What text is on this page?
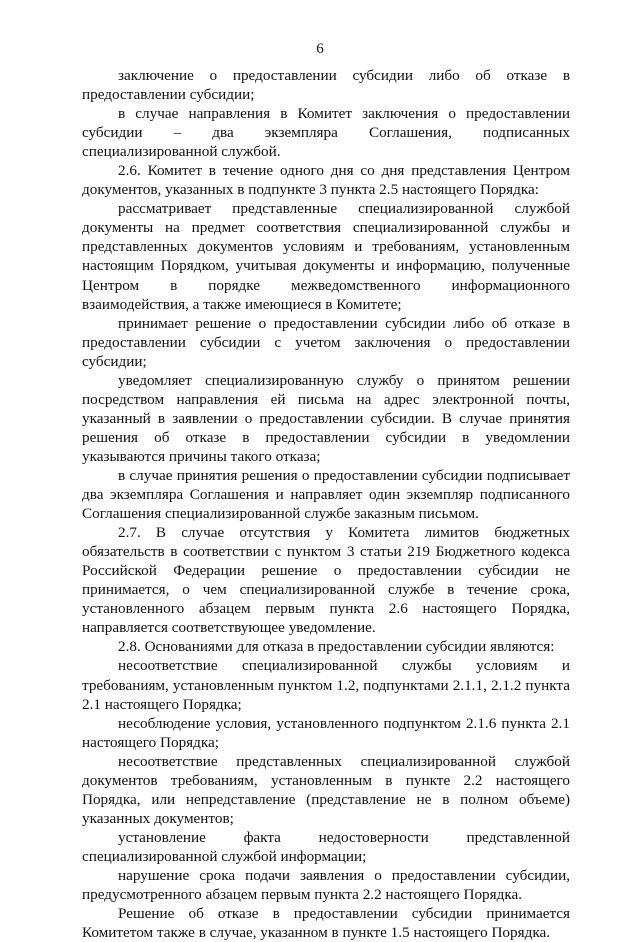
6

заключение о предоставлении субсидии либо об отказе в предоставлении субсидии;

в случае направления в Комитет заключения о предоставлении субсидии – два экземпляра Соглашения, подписанных специализированной службой.

2.6. Комитет в течение одного дня со дня представления Центром документов, указанных в подпункте 3 пункта 2.5 настоящего Порядка:

рассматривает представленные специализированной службой документы на предмет соответствия специализированной службы и представленных документов условиям и требованиям, установленным настоящим Порядком, учитывая документы и информацию, полученные Центром в порядке межведомственного информационного взаимодействия, а также имеющиеся в Комитете;

принимает решение о предоставлении субсидии либо об отказе в предоставлении субсидии с учетом заключения о предоставлении субсидии;

уведомляет специализированную службу о принятом решении посредством направления ей письма на адрес электронной почты, указанный в заявлении о предоставлении субсидии. В случае принятия решения об отказе в предоставлении субсидии в уведомлении указываются причины такого отказа;

в случае принятия решения о предоставлении субсидии подписывает два экземпляра Соглашения и направляет один экземпляр подписанного Соглашения специализированной службе заказным письмом.

2.7. В случае отсутствия у Комитета лимитов бюджетных обязательств в соответствии с пунктом 3 статьи 219 Бюджетного кодекса Российской Федерации решение о предоставлении субсидии не принимается, о чем специализированной службе в течение срока, установленного абзацем первым пункта 2.6 настоящего Порядка, направляется соответствующее уведомление.

2.8. Основаниями для отказа в предоставлении субсидии являются:

несоответствие специализированной службы условиям и требованиям, установленным пунктом 1.2, подпунктами 2.1.1, 2.1.2 пункта 2.1 настоящего Порядка;

несоблюдение условия, установленного подпунктом 2.1.6 пункта 2.1 настоящего Порядка;

несоответствие представленных специализированной службой документов требованиям, установленным в пункте 2.2 настоящего Порядка, или непредставление (представление не в полном объеме) указанных документов;

установление факта недостоверности представленной специализированной службой информации;

нарушение срока подачи заявления о предоставлении субсидии, предусмотренного абзацем первым пункта 2.2 настоящего Порядка.

Решение об отказе в предоставлении субсидии принимается Комитетом также в случае, указанном в пункте 1.5 настоящего Порядка.
